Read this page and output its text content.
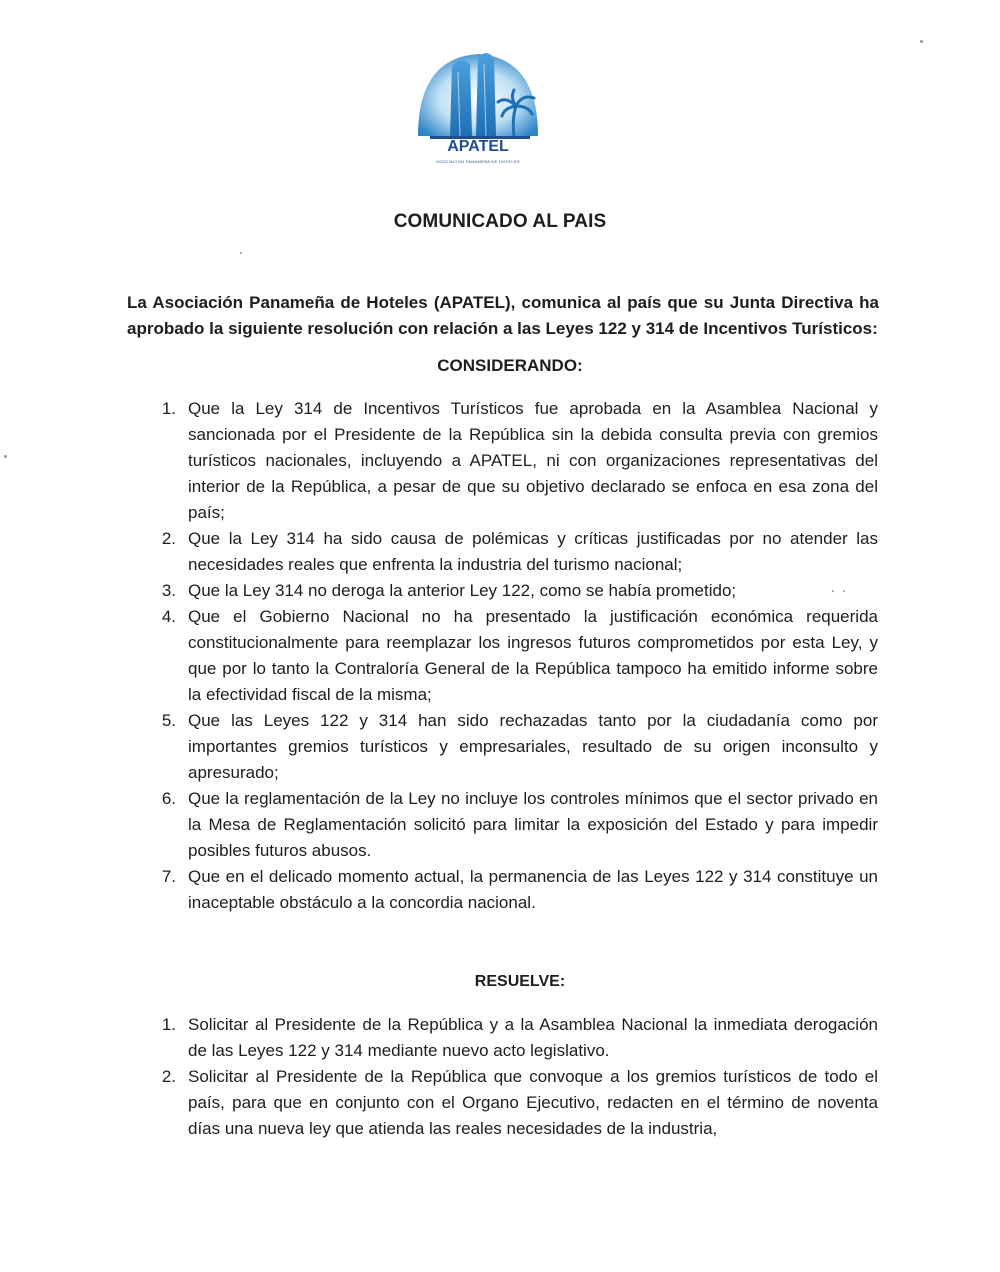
APATEL
ASOCIACION PANAMEÑA DE HOTELES
COMUNICADO AL PAIS
La Asociación Panameña de Hoteles (APATEL), comunica al país que su Junta Directiva ha aprobado la siguiente resolución con relación a las Leyes 122 y 314 de Incentivos Turísticos:
CONSIDERANDO:
1. Que la Ley 314 de Incentivos Turísticos fue aprobada en la Asamblea Nacional y sancionada por el Presidente de la República sin la debida consulta previa con gremios turísticos nacionales, incluyendo a APATEL, ni con organizaciones representativas del interior de la República, a pesar de que su objetivo declarado se enfoca en esa zona del país;
2. Que la Ley 314 ha sido causa de polémicas y críticas justificadas por no atender las necesidades reales que enfrenta la industria del turismo nacional;
3. Que la Ley 314 no deroga la anterior Ley 122, como se había prometido;
4. Que el Gobierno Nacional no ha presentado la justificación económica requerida constitucionalmente para reemplazar los ingresos futuros comprometidos por esta Ley, y que por lo tanto la Contraloría General de la República tampoco ha emitido informe sobre la efectividad fiscal de la misma;
5. Que las Leyes 122 y 314 han sido rechazadas tanto por la ciudadanía como por importantes gremios turísticos y empresariales, resultado de su origen inconsulto y apresurado;
6. Que la reglamentación de la Ley no incluye los controles mínimos que el sector privado en la Mesa de Reglamentación solicitó para limitar la exposición del Estado y para impedir posibles futuros abusos.
7. Que en el delicado momento actual, la permanencia de las Leyes 122 y 314 constituye un inaceptable obstáculo a la concordia nacional.
RESUELVE:
1. Solicitar al Presidente de la República y a la Asamblea Nacional la inmediata derogación de las Leyes 122 y 314 mediante nuevo acto legislativo.
2. Solicitar al Presidente de la República que convoque a los gremios turísticos de todo el país, para que en conjunto con el Organo Ejecutivo, redacten en el término de noventa días una nueva ley que atienda las reales necesidades de la industria,
